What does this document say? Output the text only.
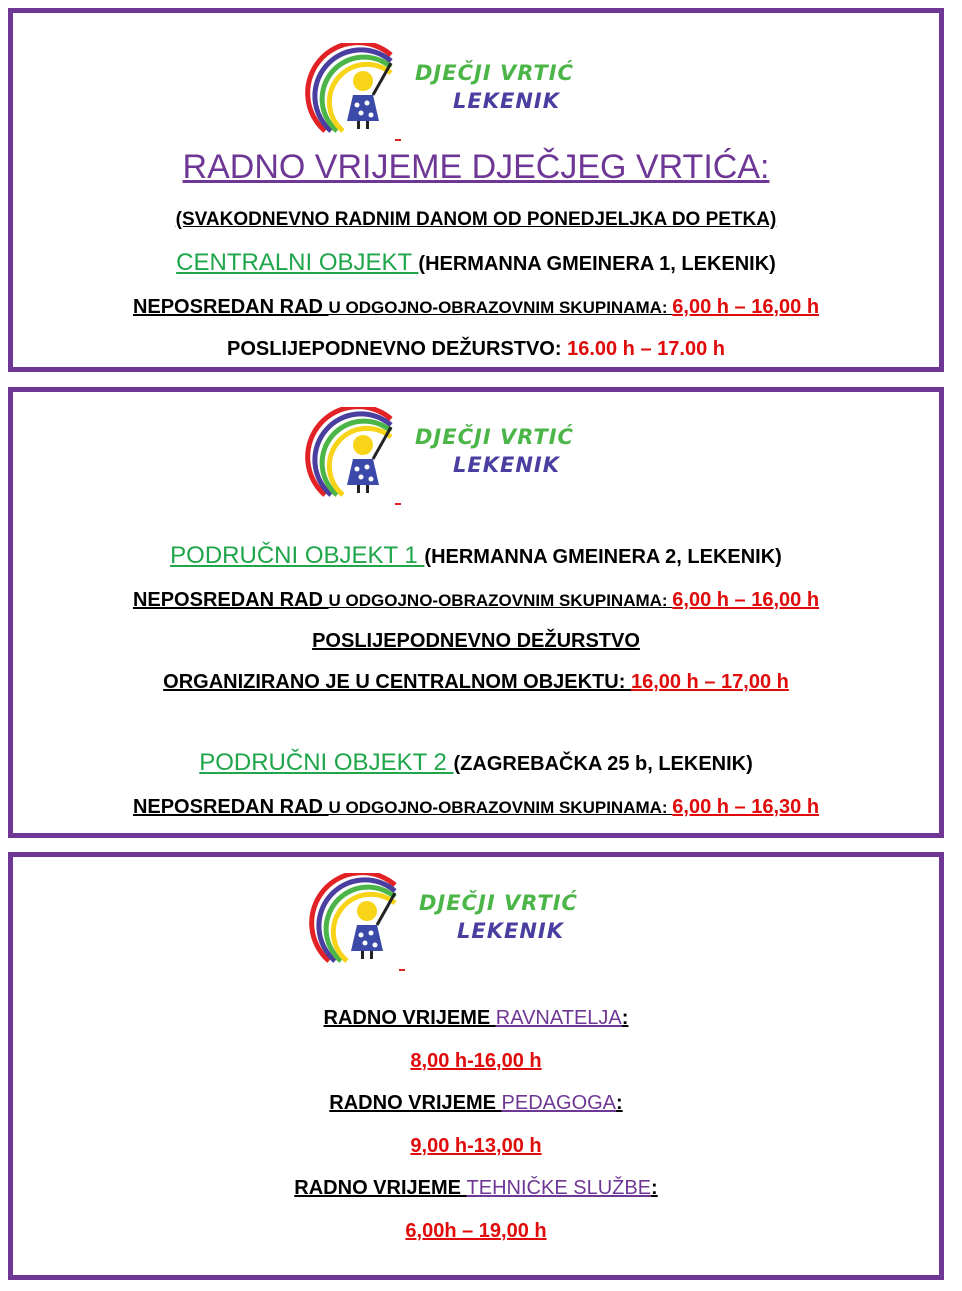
DJEČJI VRTIĆ
LEKENIK
RADNO VRIJEME DJEČJEG VRTIĆA:
(SVAKODNEVNO RADNIM DANOM OD PONEDJELJKA DO PETKA)
CENTRALNI OBJEKT (HERMANNA GMEINERA 1, LEKENIK)
NEPOSREDAN RAD U ODGOJNO-OBRAZOVNIM SKUPINAMA: 6,00 h – 16,00 h
POSLIJEPODNEVNO DEŽURSTVO: 16.00 h – 17.00 h
DJEČJI VRTIĆ
LEKENIK
PODRUČNI OBJEKT 1 (HERMANNA GMEINERA 2, LEKENIK)
NEPOSREDAN RAD U ODGOJNO-OBRAZOVNIM SKUPINAMA: 6,00 h – 16,00 h
POSLIJEPODNEVNO DEŽURSTVO
ORGANIZIRANO JE U CENTRALNOM OBJEKTU: 16,00 h – 17,00 h
PODRUČNI OBJEKT 2 (ZAGREBAČKA 25 b, LEKENIK)
NEPOSREDAN RAD U ODGOJNO-OBRAZOVNIM SKUPINAMA: 6,00 h – 16,30 h
DJEČJI VRTIĆ
LEKENIK
RADNO VRIJEME RAVNATELJA:
8,00 h-16,00 h
RADNO VRIJEME PEDAGOGA:
9,00 h-13,00 h
RADNO VRIJEME TEHNIČKE SLUŽBE:
6,00h – 19,00 h
